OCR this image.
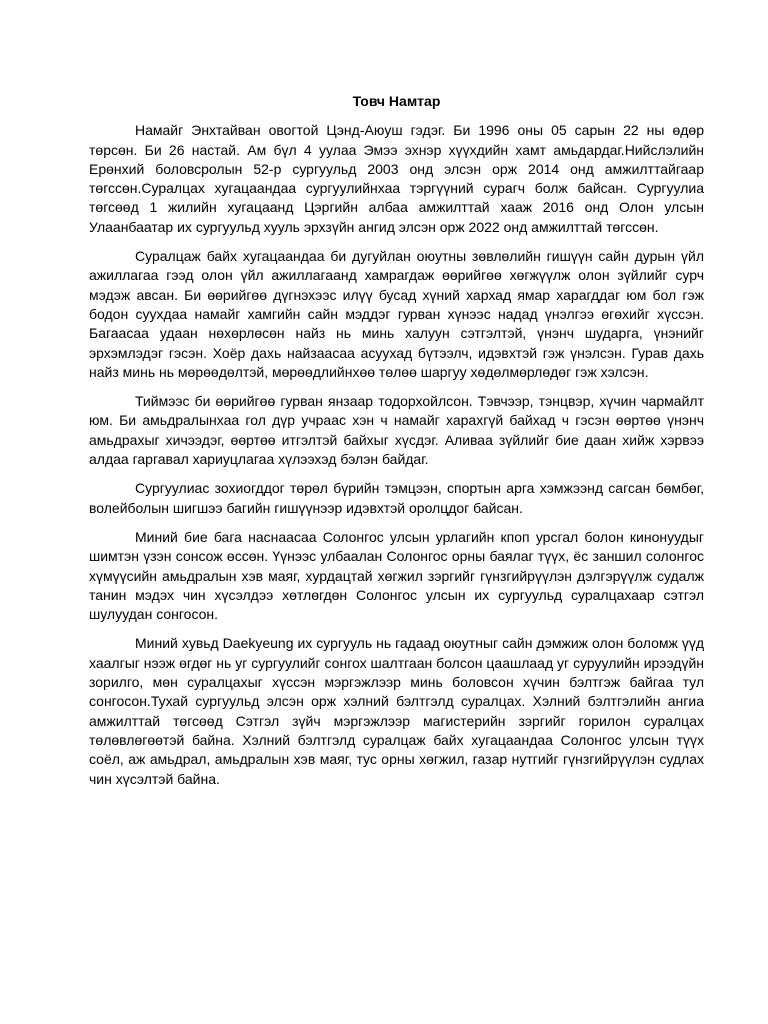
Товч Намтар

Намайг Энхтайван овогтой Цэнд-Аюуш гэдэг. Би 1996 оны 05 сарын 22 ны өдөр төрсөн. Би 26 настай. Ам бүл 4 уулаа Эмээ эхнэр хүүхдийн хамт амьдардаг.Нийслэлийн Ерөнхий боловсролын 52-р сургуульд 2003 онд элсэн орж 2014 онд амжилттайгаар төгссөн.Суралцах хугацаандаа сургуулийнхаа тэргүүний сурагч болж байсан. Сургуулиа төгсөөд 1 жилийн хугацаанд Цэргийн албаа амжилттай хааж 2016 онд Олон улсын Улаанбаатар их сургуульд хууль эрхзүйн ангид элсэн орж 2022 онд амжилттай төгссөн.

Суралцаж байх хугацаандаа би дугуйлан оюутны зөвлөлийн гишүүн сайн дурын үйл ажиллагаа гээд олон үйл ажиллагаанд хамрагдаж өөрийгөө хөгжүүлж олон зүйлийг сурч мэдэж авсан. Би өөрийгөө дүгнэхээс илүү бусад хүний хархад ямар харагддаг юм бол гэж бодон суухдаа намайг хамгийн сайн мэддэг гурван хүнээс надад үнэлгээ өгөхийг хүссэн. Багаасаа удаан нөхөрлөсөн найз нь минь халуун сэтгэлтэй, үнэнч шударга, үнэнийг эрхэмлэдэг гэсэн. Хоёр дахь найзаасаа асуухад бүтээлч, идэвхтэй гэж үнэлсэн. Гурав дахь найз минь нь мөрөөдөлтэй, мөрөөдлийнхөө төлөө шаргуу хөдөлмөрлөдөг гэж хэлсэн.

Тиймээс би өөрийгөө гурван янзаар тодорхойлсон. Тэвчээр, тэнцвэр, хүчин чармайлт юм. Би амьдралынхаа гол дүр учраас хэн ч намайг харахгүй байхад ч гэсэн өөртөө үнэнч амьдрахыг хичээдэг, өөртөө итгэлтэй байхыг хүсдэг. Аливаа зүйлийг бие даан хийж хэрвээ алдаа гаргавал хариуцлагаа хүлээхэд бэлэн байдаг.

Сургуулиас зохиогддог төрөл бүрийн тэмцээн, спортын арга хэмжээнд сагсан бөмбөг, волейболын шигшээ багийн гишүүнээр идэвхтэй оролцдог байсан.

Миний бие бага наснаасаа Солонгос улсын урлагийн кпоп урсгал болон кинонуудыг шимтэн үзэн сонсож өссөн. Үүнээс улбаалан Солонгос орны баялаг түүх, ёс заншил солонгос хүмүүсийн амьдралын хэв маяг, хурдацтай хөгжил зэргийг гүнзгийрүүлэн дэлгэрүүлж судалж танин мэдэх чин хүсэлдээ хөтлөгдөн Солонгос улсын их сургуульд суралцахаар сэтгэл шулуудан сонгосон.

Миний хувьд Daekyeung их сургууль нь гадаад оюутныг сайн дэмжиж олон боломж үүд хаалгыг нээж өгдөг нь уг сургуулийг сонгох шалтгаан болсон цаашлаад уг суруулийн ирээдүйн зорилго, мөн суралцахыг хүссэн мэргэжлээр минь боловсон хүчин бэлтгэж байгаа тул сонгосон.Тухай сургуульд элсэн орж хэлний бэлтгэлд суралцах. Хэлний бэлтгэлийн ангиа амжилттай төгсөөд Сэтгэл зүйч мэргэжлээр магистерийн зэргийг горилон суралцах төлөвлөгөөтэй байна. Хэлний бэлтгэлд суралцаж байх хугацаандаа Солонгос улсын түүх соёл, аж амьдрал, амьдралын хэв маяг, тус орны хөгжил, газар нутгийг гүнзгийрүүлэн судлах чин хүсэлтэй байна.
